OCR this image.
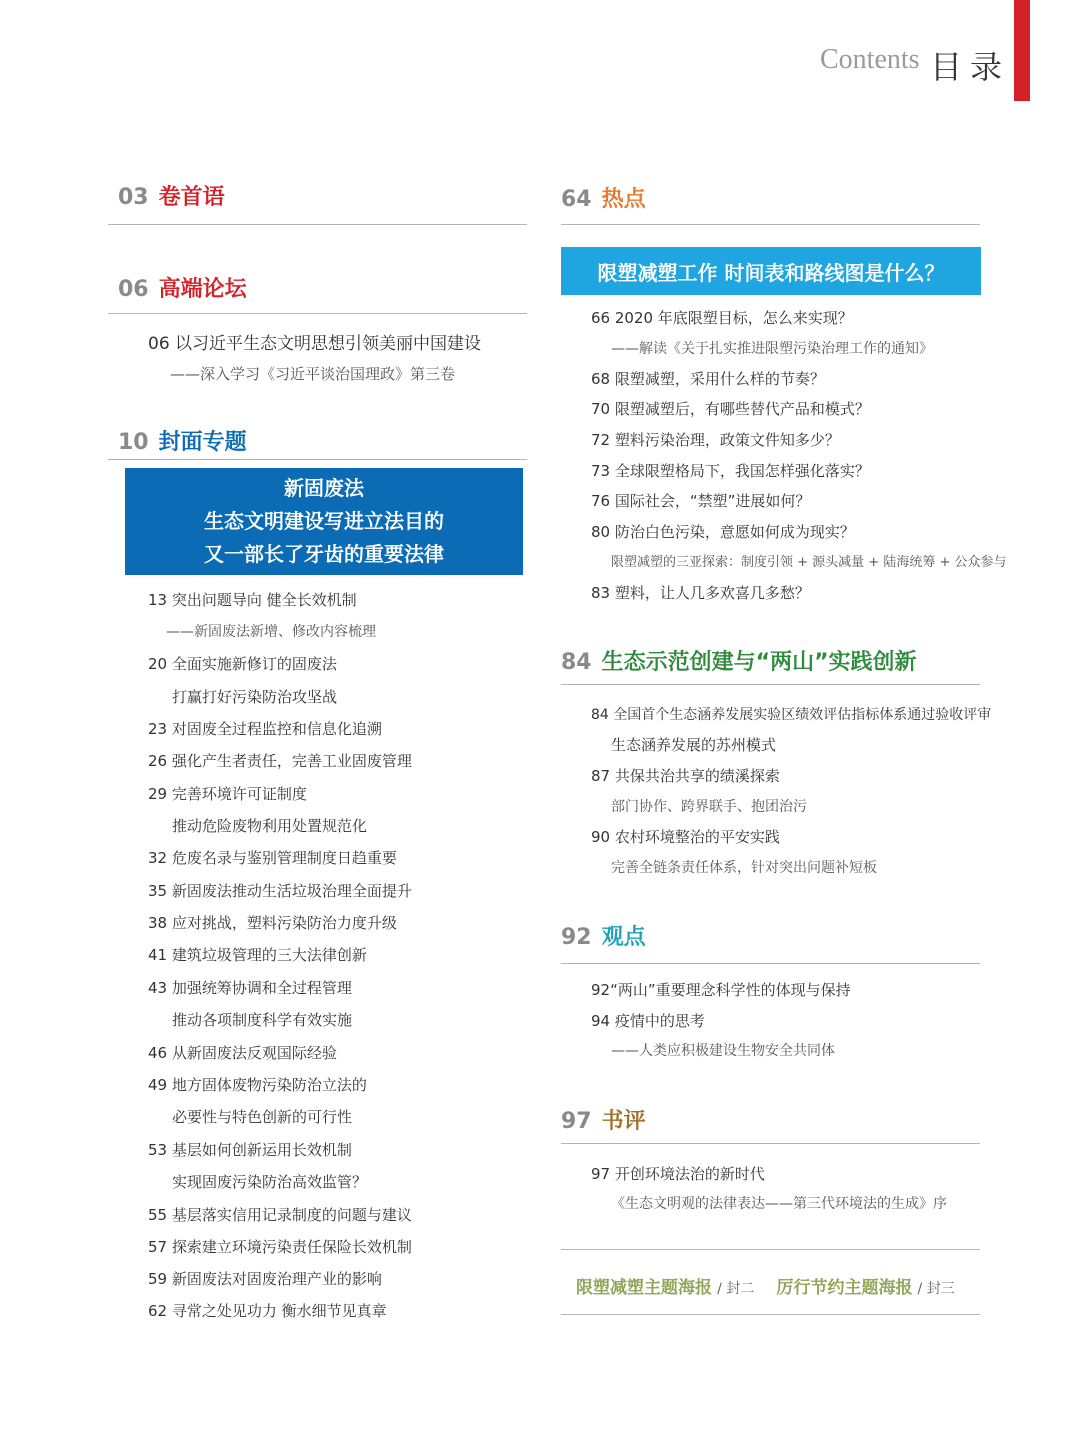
Contents 目录
03 卷首语
06 高端论坛
06 以习近平生态文明思想引领美丽中国建设
——深入学习《习近平谈治国理政》第三卷
10 封面专题
新固废法
生态文明建设写进立法目的
又一部长了牙齿的重要法律
13 突出问题导向 健全长效机制
——新固废法新增、修改内容梳理
20 全面实施新修订的固废法
打赢打好污染防治攻坚战
23 对固废全过程监控和信息化追溯
26 强化产生者责任，完善工业固废管理
29 完善环境许可证制度
推动危险废物利用处置规范化
32 危废名录与鉴别管理制度日趋重要
35 新固废法推动生活垃圾治理全面提升
38 应对挑战，塑料污染防治力度升级
41 建筑垃圾管理的三大法律创新
43 加强统筹协调和全过程管理
推动各项制度科学有效实施
46 从新固废法反观国际经验
49 地方固体废物污染防治立法的
必要性与特色创新的可行性
53 基层如何创新运用长效机制
实现固废污染防治高效监管？
55 基层落实信用记录制度的问题与建议
57 探索建立环境污染责任保险长效机制
59 新固废法对固废治理产业的影响
62 寻常之处见功力 衡水细节见真章
64 热点
限塑减塑工作 时间表和路线图是什么？
66 2020 年底限塑目标，怎么来实现？
——解读《关于扎实推进限塑污染治理工作的通知》
68 限塑减塑，采用什么样的节奏？
70 限塑减塑后，有哪些替代产品和模式？
72 塑料污染治理，政策文件知多少？
73 全球限塑格局下，我国怎样强化落实？
76 国际社会，“禁塑”进展如何？
80 防治白色污染，意愿如何成为现实？
限塑减塑的三亚探索：制度引领 + 源头减量 + 陆海统筹 + 公众参与
83 塑料，让人几多欢喜几多愁？
84 生态示范创建与“两山”实践创新
84 全国首个生态涵养发展实验区绩效评估指标体系通过验收评审
生态涵养发展的苏州模式
87 共保共治共享的绩溪探索
部门协作、跨界联手、抱团治污
90 农村环境整治的平安实践
完善全链条责任体系，针对突出问题补短板
92 观点
92“两山”重要理念科学性的体现与保持
94 疫情中的思考
——人类应积极建设生物安全共同体
97 书评
97 开创环境法治的新时代
《生态文明观的法律表达——第三代环境法的生成》序
限塑减塑主题海报 / 封二 厉行节约主题海报 / 封三
